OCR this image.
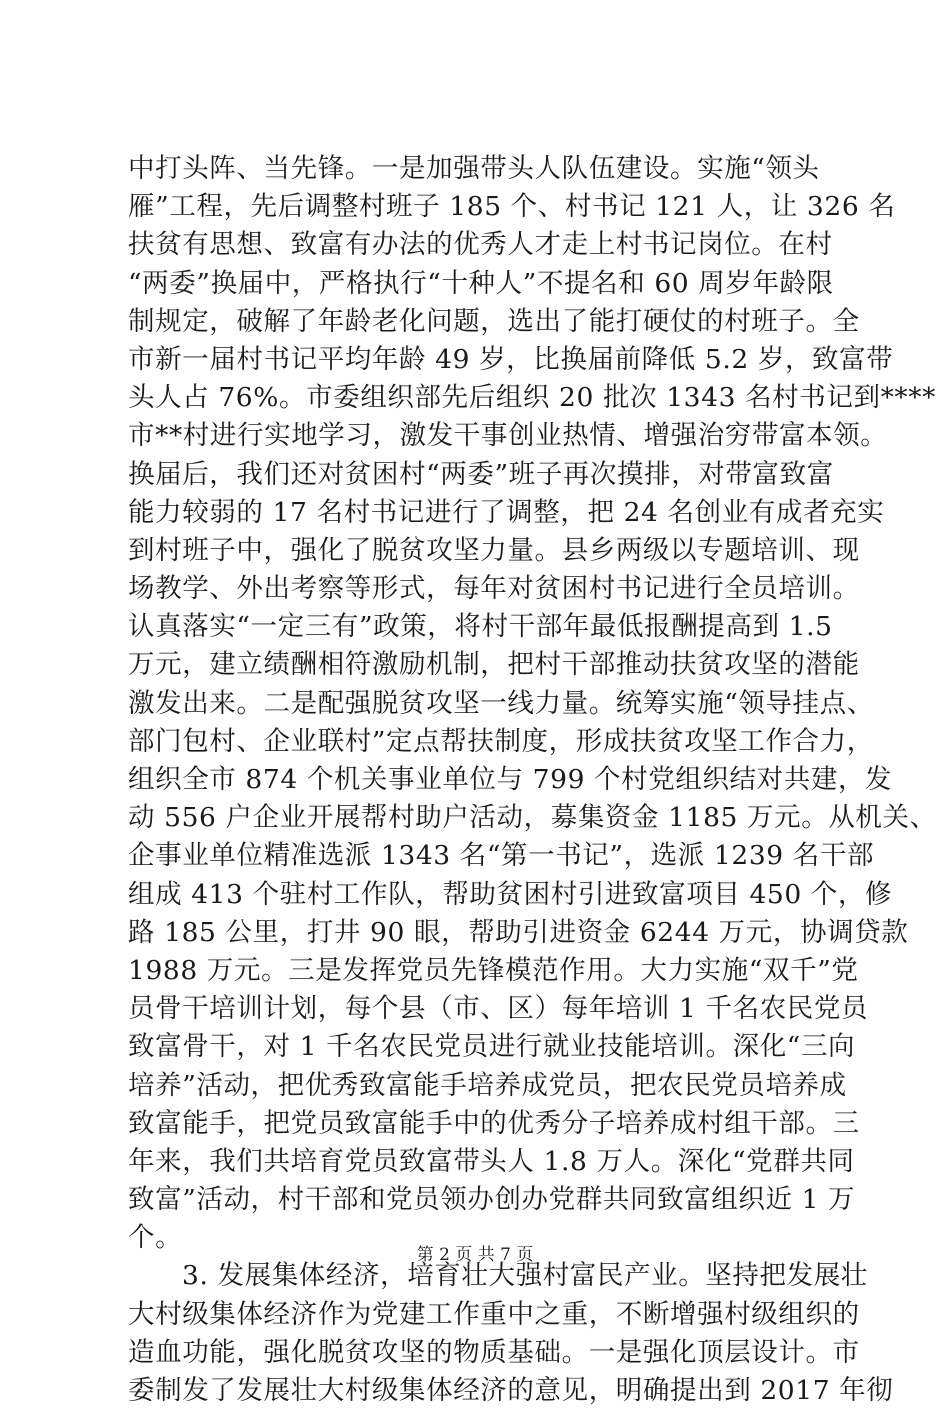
中打头阵、当先锋。一是加强带头人队伍建设。实施“领头
雁”工程，先后调整村班子 185 个、村书记 121 人，让 326 名
扶贫有思想、致富有办法的优秀人才走上村书记岗位。在村
“两委”换届中，严格执行“十种人”不提名和 60 周岁年龄限
制规定，破解了年龄老化问题，选出了能打硬仗的村班子。全
市新一届村书记平均年龄 49 岁，比换届前降低 5.2 岁，致富带
头人占 76%。市委组织部先后组织 20 批次 1343 名村书记到****
市**村进行实地学习，激发干事创业热情、增强治穷带富本领。
换届后，我们还对贫困村“两委”班子再次摸排，对带富致富
能力较弱的 17 名村书记进行了调整，把 24 名创业有成者充实
到村班子中，强化了脱贫攻坚力量。县乡两级以专题培训、现
场教学、外出考察等形式，每年对贫困村书记进行全员培训。
认真落实“一定三有”政策，将村干部年最低报酬提高到 1.5
万元，建立绩酬相符激励机制，把村干部推动扶贫攻坚的潜能
激发出来。二是配强脱贫攻坚一线力量。统筹实施“领导挂点、
部门包村、企业联村”定点帮扶制度，形成扶贫攻坚工作合力，
组织全市 874 个机关事业单位与 799 个村党组织结对共建，发
动 556 户企业开展帮村助户活动，募集资金 1185 万元。从机关、
企事业单位精准选派 1343 名“第一书记”，选派 1239 名干部
组成 413 个驻村工作队，帮助贫困村引进致富项目 450 个，修
路 185 公里，打井 90 眼，帮助引进资金 6244 万元，协调贷款
1988 万元。三是发挥党员先锋模范作用。大力实施“双千”党
员骨干培训计划，每个县（市、区）每年培训 1 千名农民党员
致富骨干，对 1 千名农民党员进行就业技能培训。深化“三向
培养”活动，把优秀致富能手培养成党员，把农民党员培养成
致富能手，把党员致富能手中的优秀分子培养成村组干部。三
年来，我们共培育党员致富带头人 1.8 万人。深化“党群共同
致富”活动，村干部和党员领办创办党群共同致富组织近 1 万
个。
3. 发展集体经济，培育壮大强村富民产业。坚持把发展壮
大村级集体经济作为党建工作重中之重，不断增强村级组织的
造血功能，强化脱贫攻坚的物质基础。一是强化顶层设计。市
委制发了发展壮大村级集体经济的意见，明确提出到 2017 年彻
第 2 页 共 7 页
